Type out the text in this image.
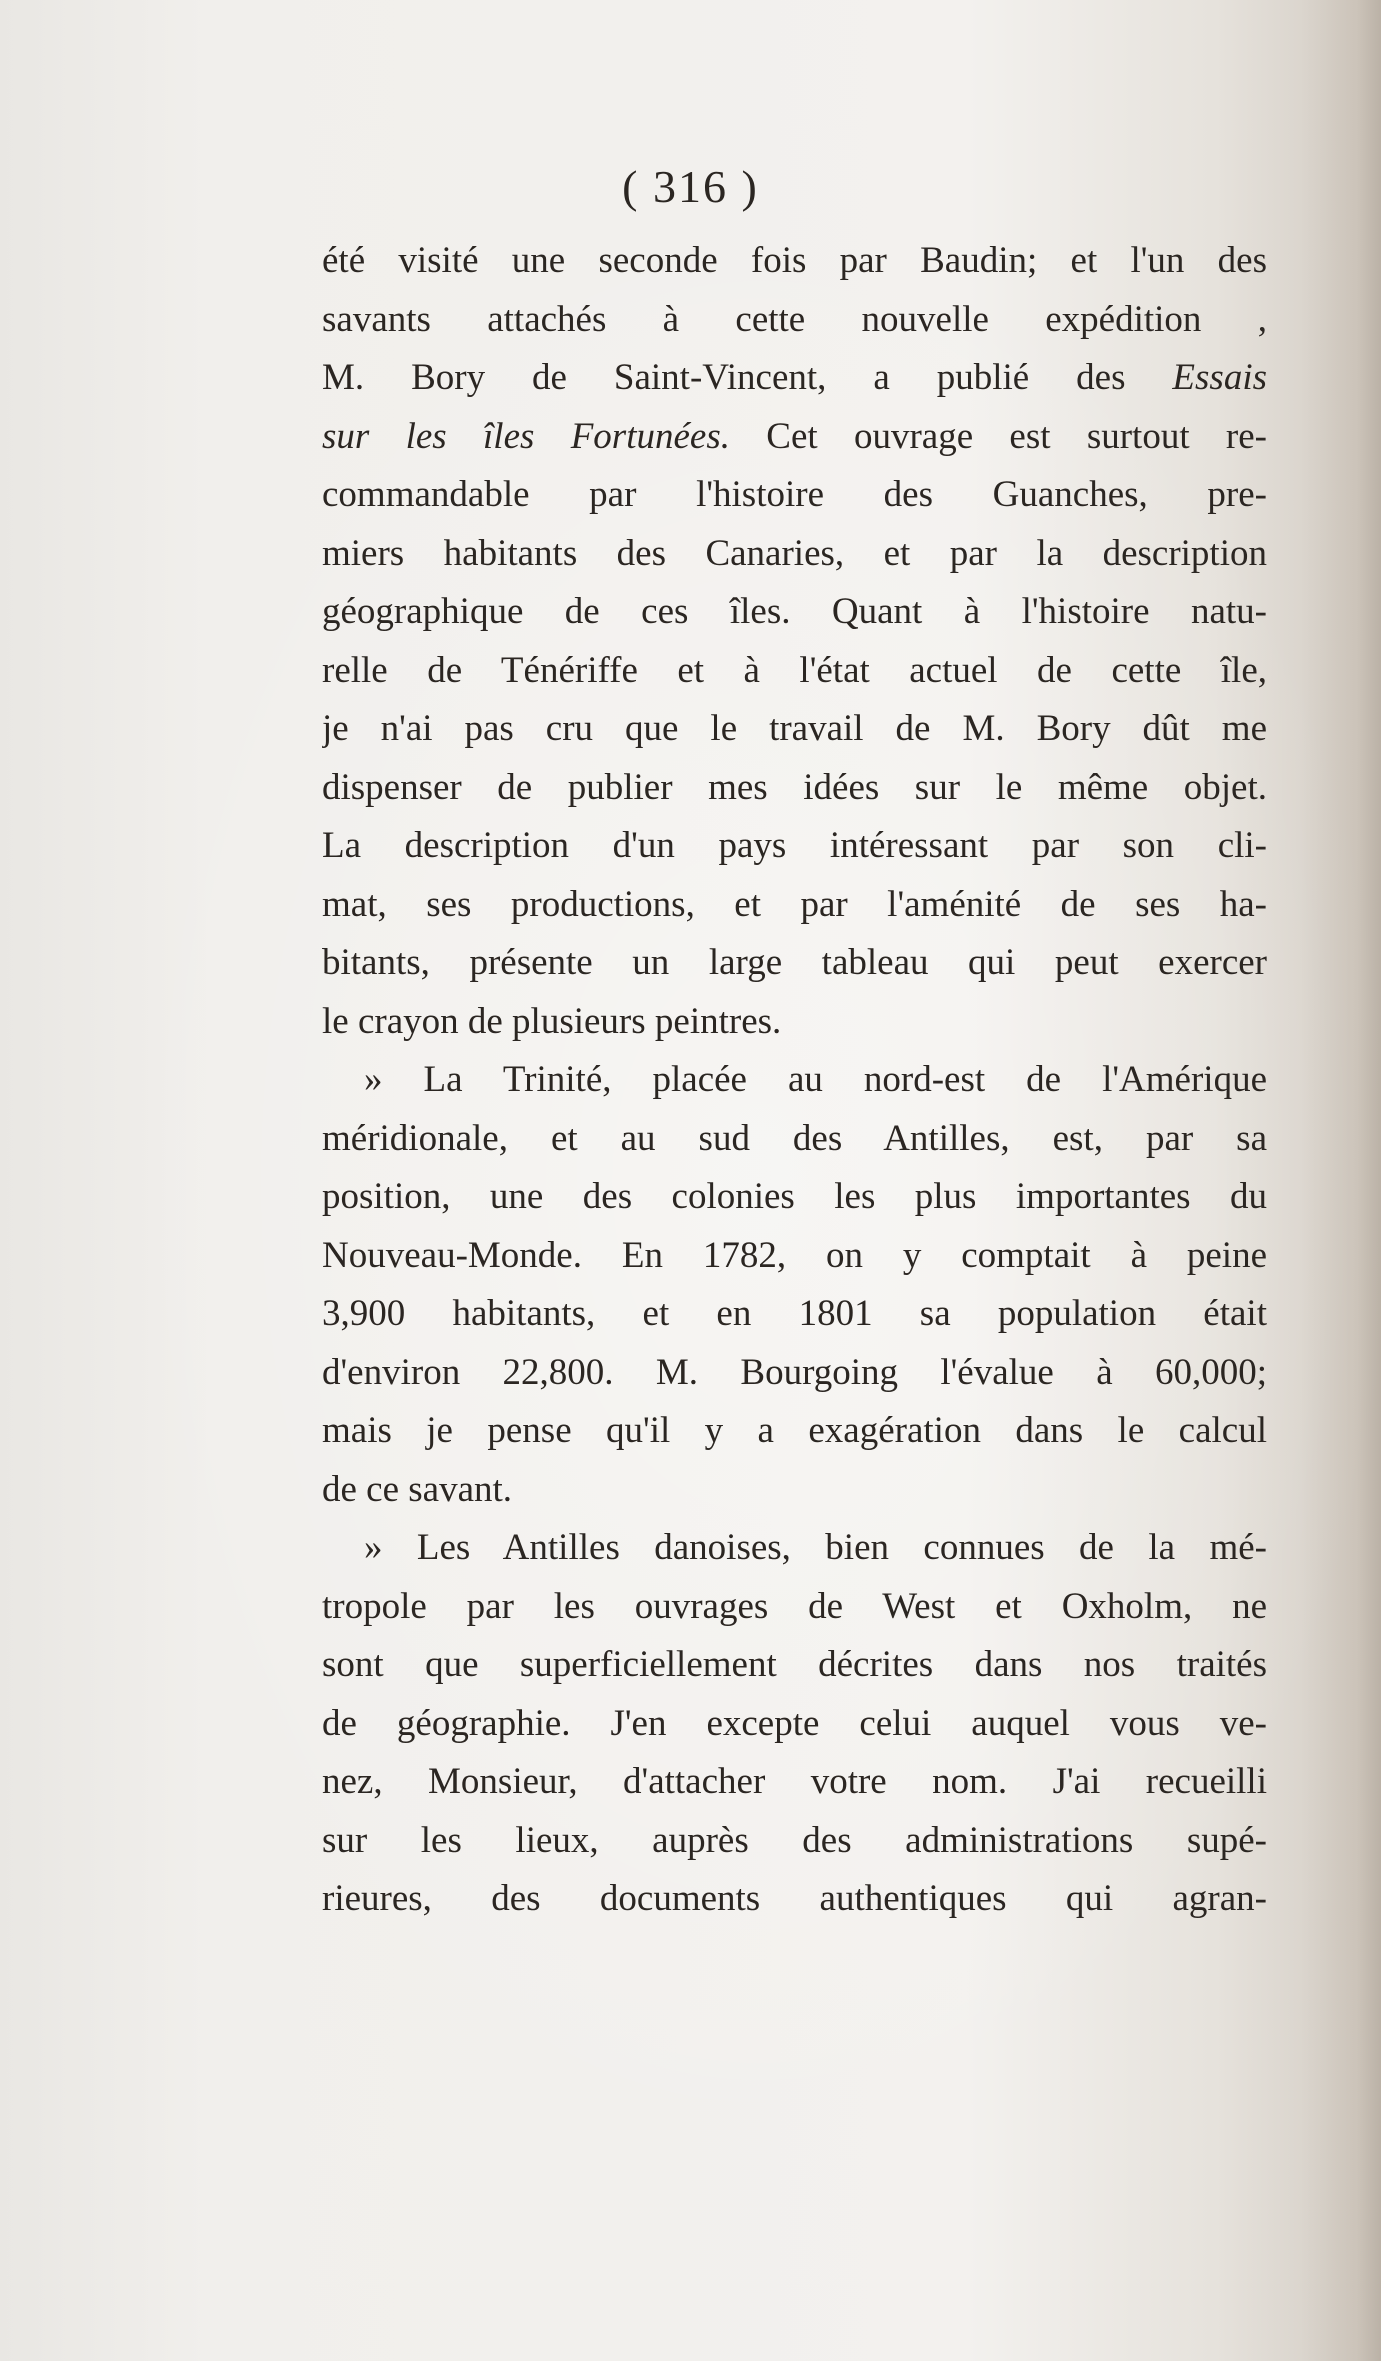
( 316 )
été visité une seconde fois par Baudin; et l'un des
savants attachés à cette nouvelle expédition ,
M. Bory de Saint-Vincent, a publié des Essais
sur les îles Fortunées. Cet ouvrage est surtout re-
commandable par l'histoire des Guanches, pre-
miers habitants des Canaries, et par la description
géographique de ces îles. Quant à l'histoire natu-
relle de Ténériffe et à l'état actuel de cette île,
je n'ai pas cru que le travail de M. Bory dût me
dispenser de publier mes idées sur le même objet.
La description d'un pays intéressant par son cli-
mat, ses productions, et par l'aménité de ses ha-
bitants, présente un large tableau qui peut exercer
le crayon de plusieurs peintres.
» La Trinité, placée au nord-est de l'Amérique
méridionale, et au sud des Antilles, est, par sa
position, une des colonies les plus importantes du
Nouveau-Monde. En 1782, on y comptait à peine
3,900 habitants, et en 1801 sa population était
d'environ 22,800. M. Bourgoing l'évalue à 60,000;
mais je pense qu'il y a exagération dans le calcul
de ce savant.
» Les Antilles danoises, bien connues de la mé-
tropole par les ouvrages de West et Oxholm, ne
sont que superficiellement décrites dans nos traités
de géographie. J'en excepte celui auquel vous ve-
nez, Monsieur, d'attacher votre nom. J'ai recueilli
sur les lieux, auprès des administrations supé-
rieures, des documents authentiques qui agran-
